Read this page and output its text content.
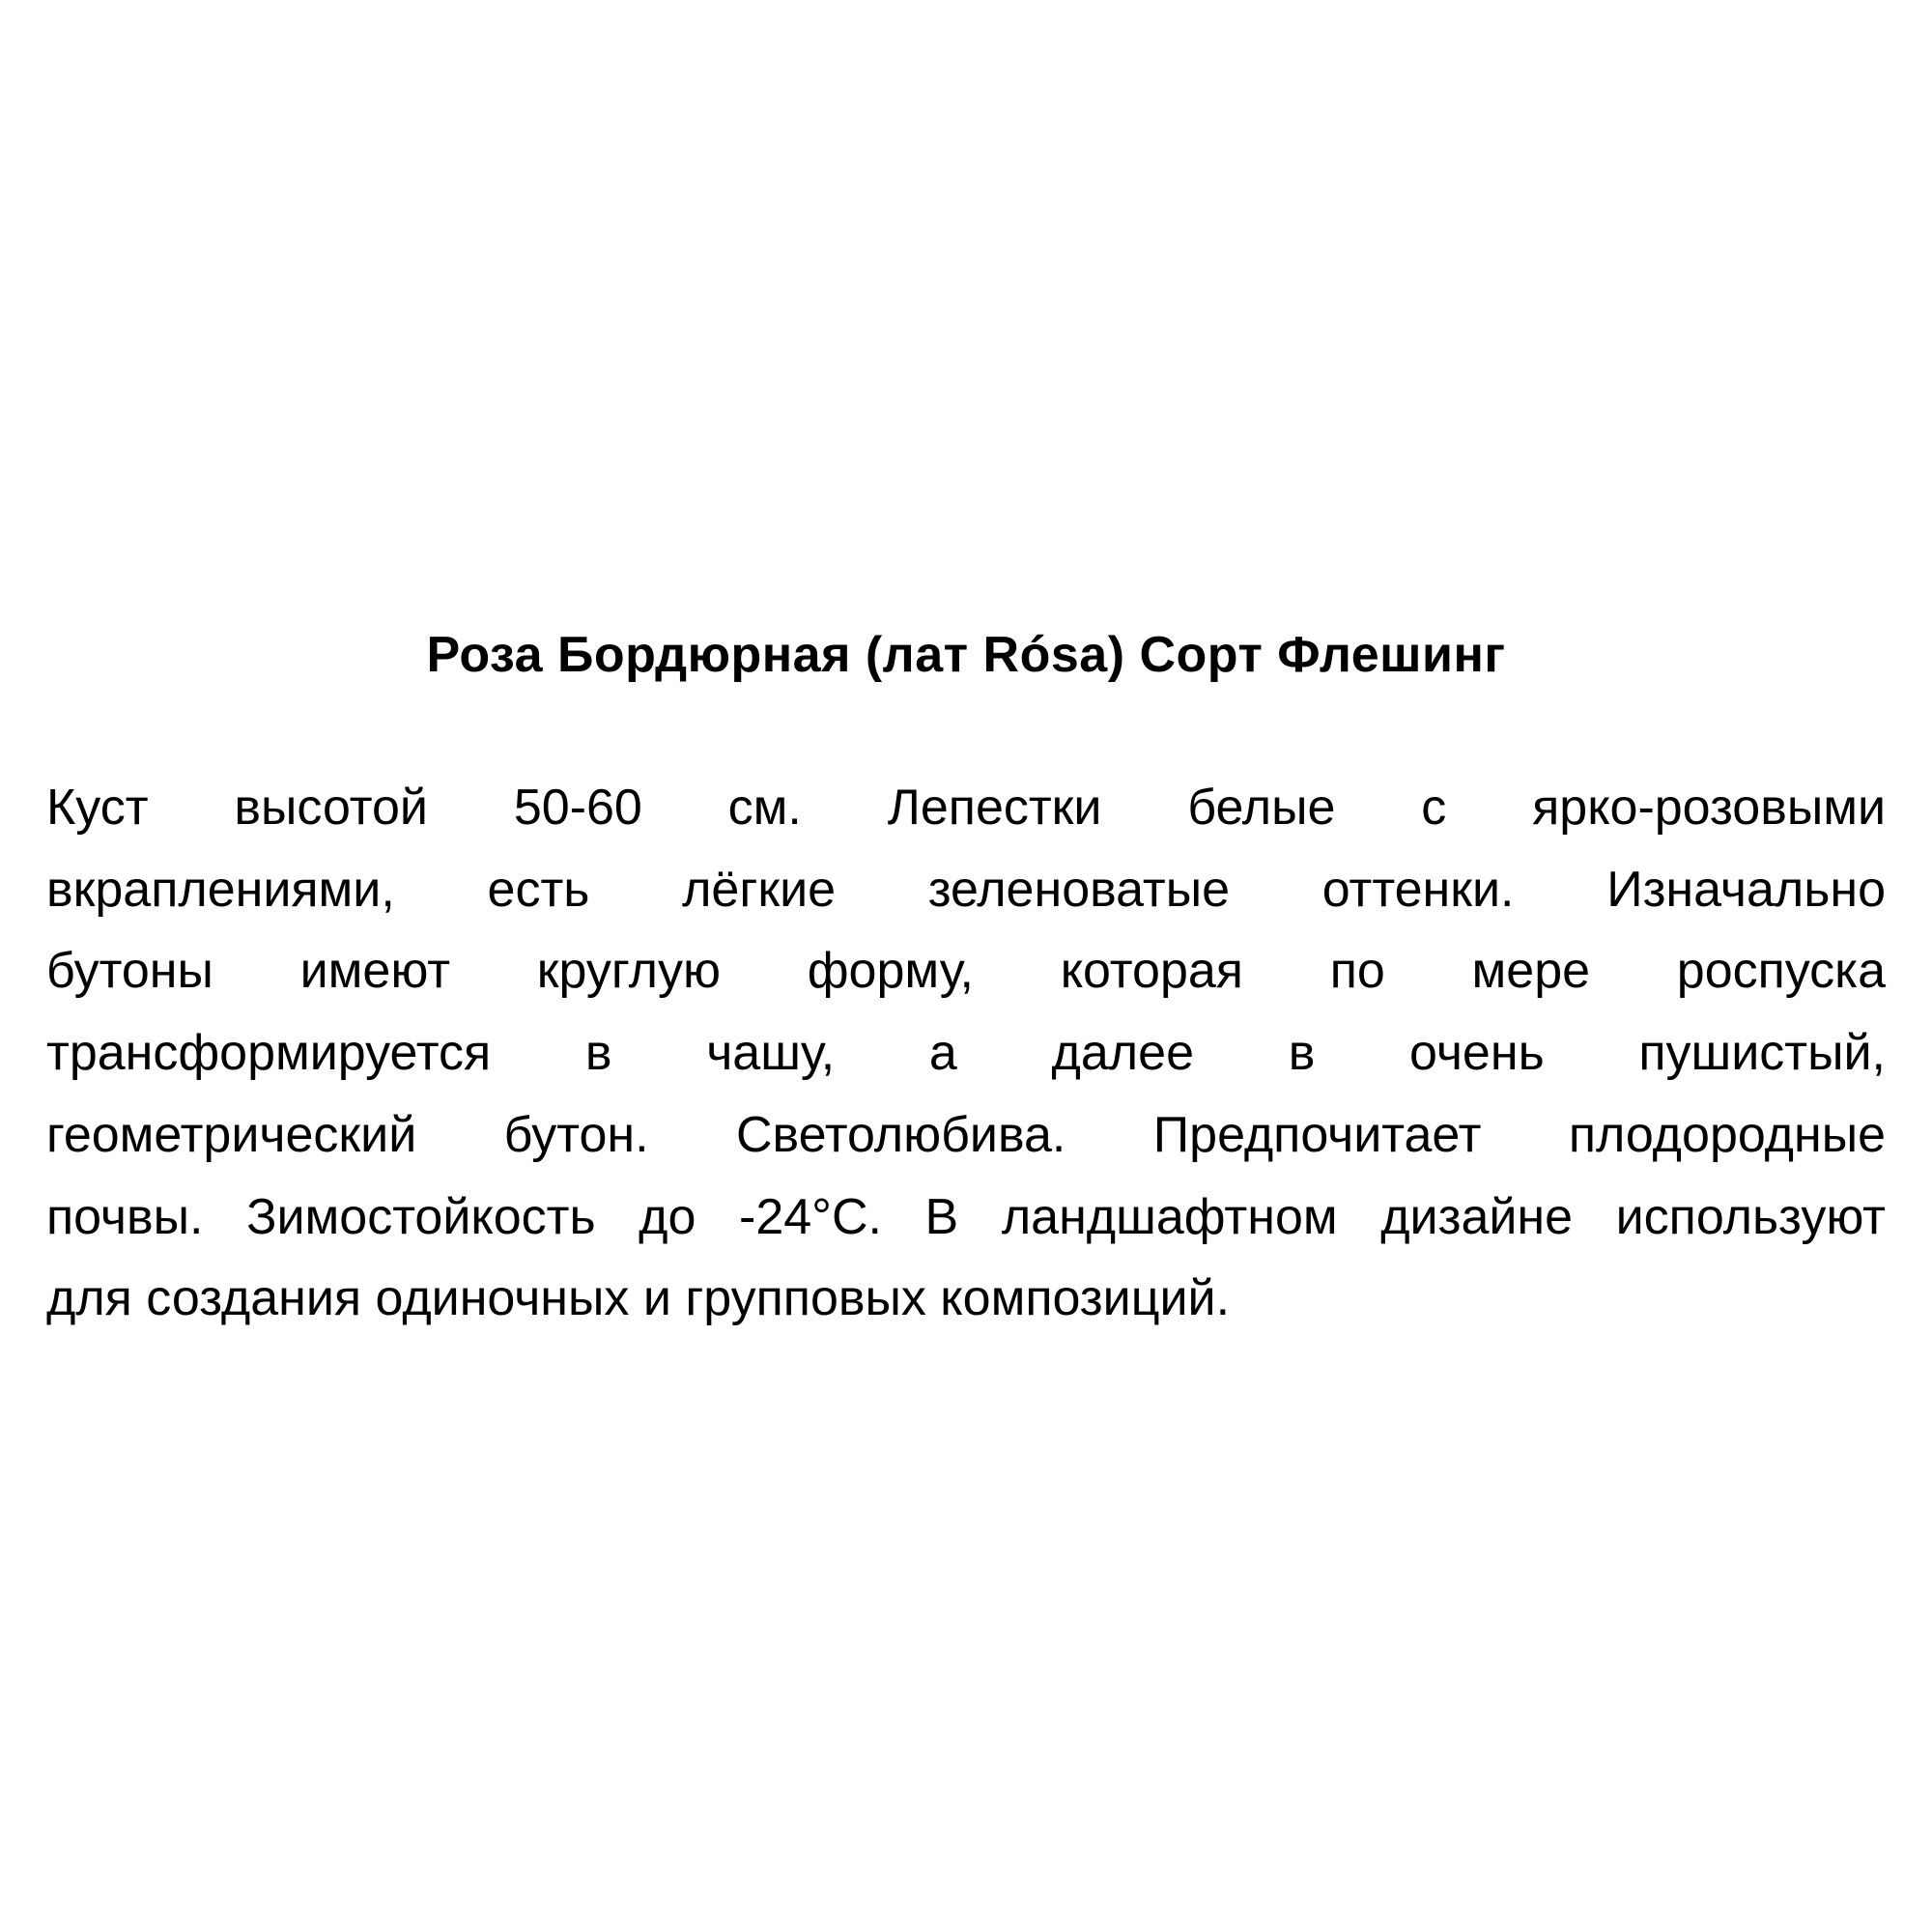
Роза Бордюрная (лат Rósa) Сорт Флешинг
Куст высотой 50-60 см. Лепестки белые с ярко-розовыми
вкраплениями, есть лёгкие зеленоватые оттенки. Изначально
бутоны имеют круглую форму, которая по мере роспуска
трансформируется в чашу, а далее в очень пушистый,
геометрический бутон. Светолюбива. Предпочитает плодородные
почвы. Зимостойкость до -24°С. В ландшафтном дизайне используют
для создания одиночных и групповых композиций.
